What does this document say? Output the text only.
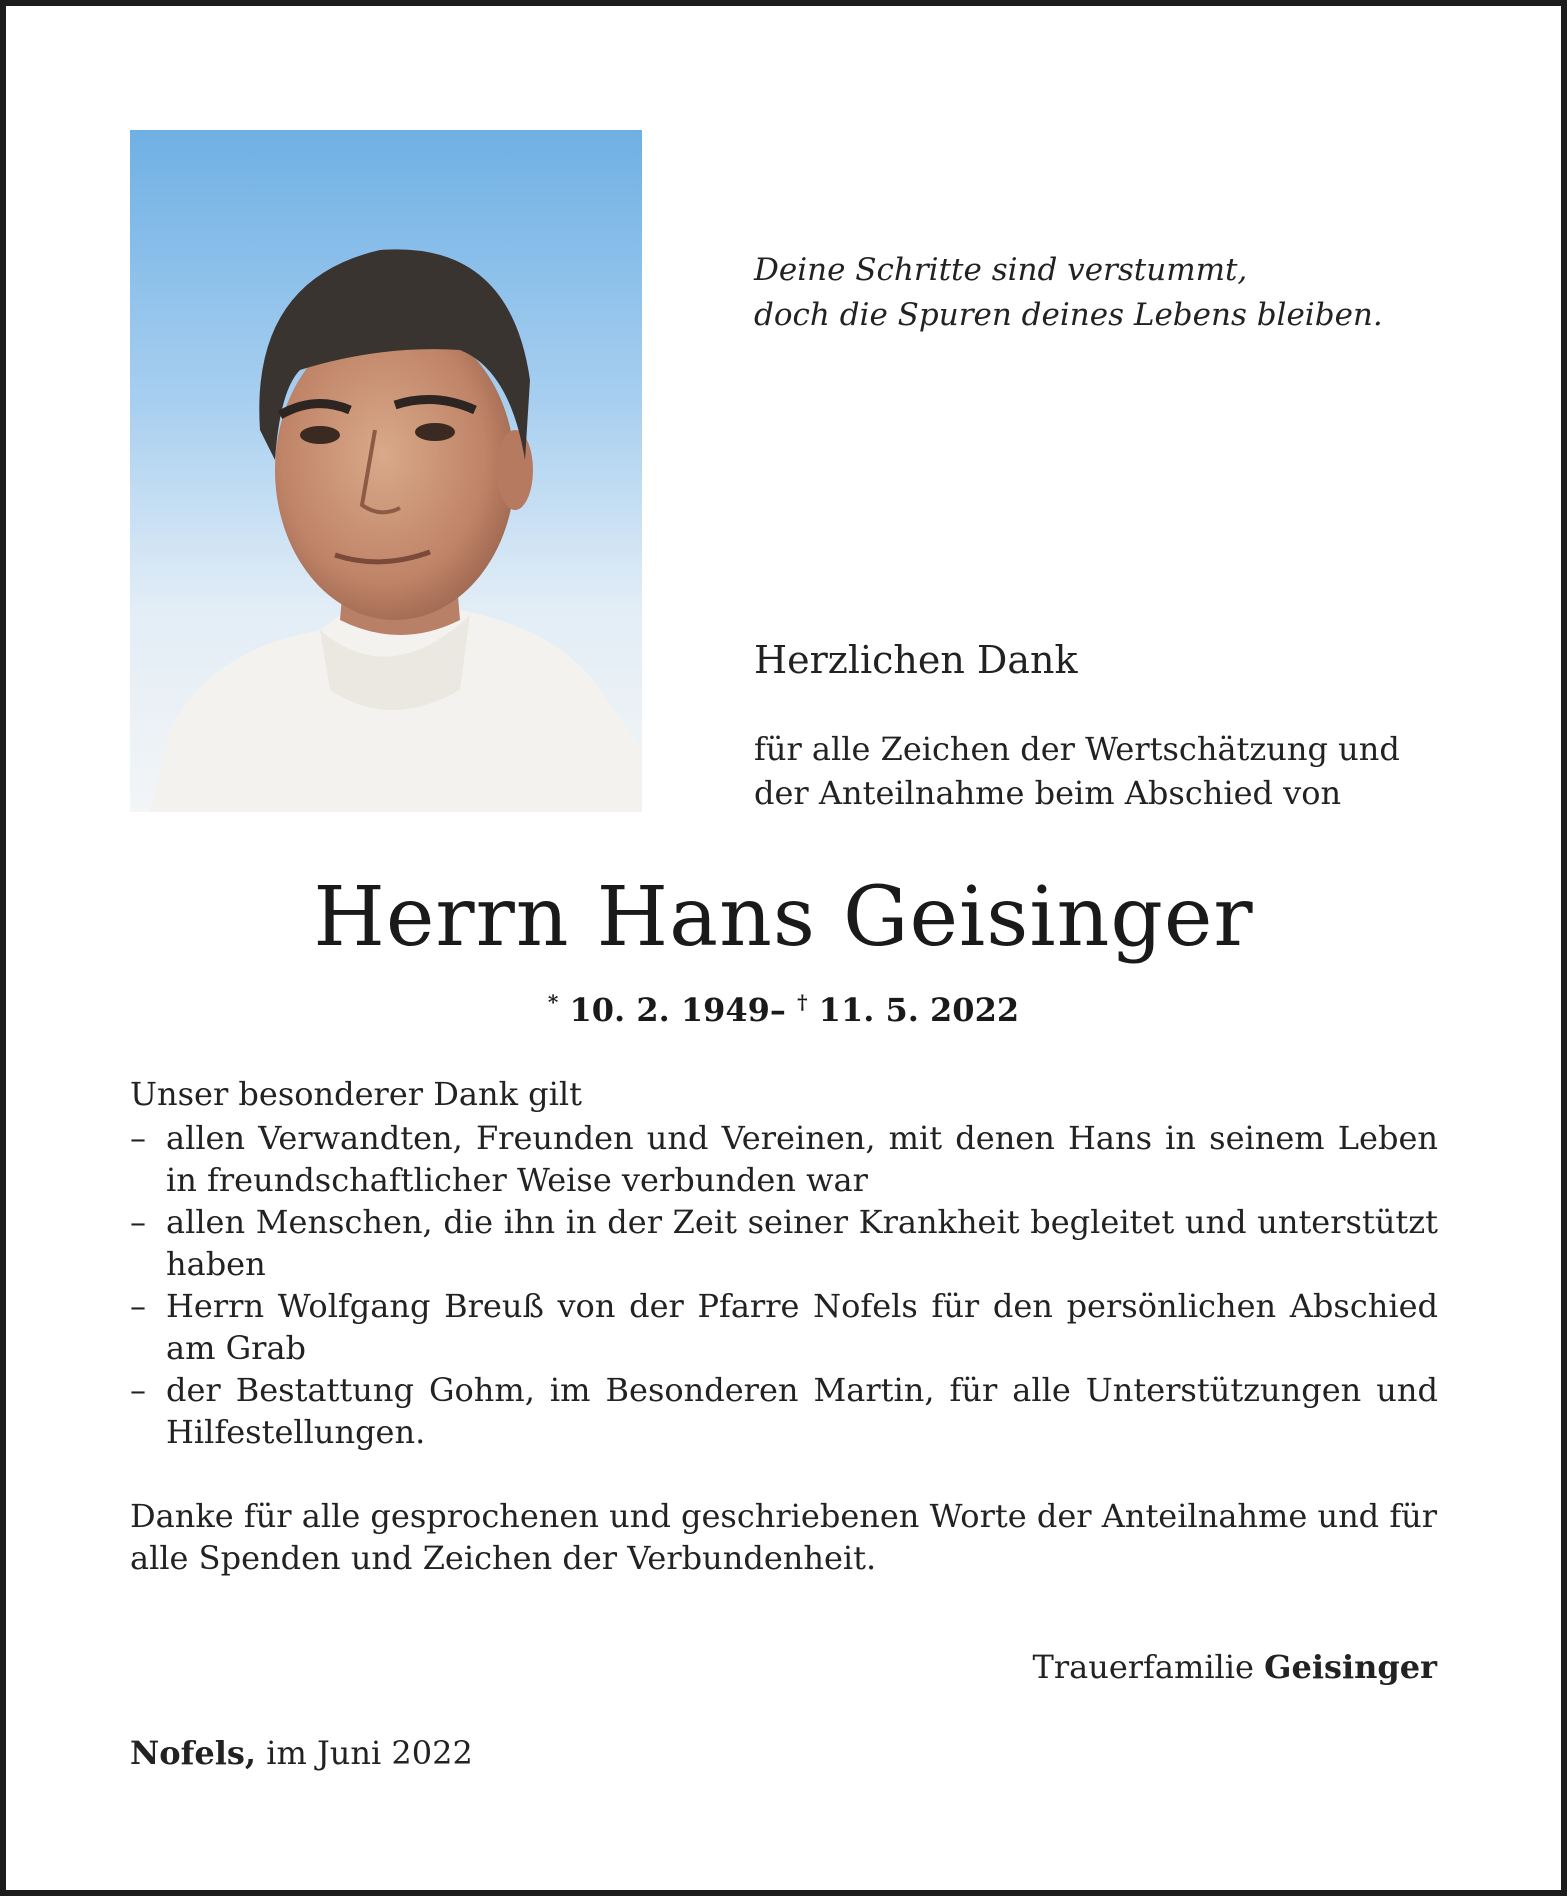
Deine Schritte sind verstummt,
doch die Spuren deines Lebens bleiben.
Herzlichen Dank
für alle Zeichen der Wertschätzung und
der Anteilnahme beim Abschied von
Herrn Hans Geisinger
* 10. 2. 1949– † 11. 5. 2022
Unser besonderer Dank gilt
– allen Verwandten, Freunden und Vereinen, mit denen Hans in seinem Leben in freundschaftlicher Weise verbunden war
– allen Menschen, die ihn in der Zeit seiner Krankheit begleitet und unterstützt haben
– Herrn Wolfgang Breuß von der Pfarre Nofels für den persönlichen Abschied am Grab
– der Bestattung Gohm, im Besonderen Martin, für alle Unterstützungen und Hilfestellungen.
Danke für alle gesprochenen und geschriebenen Worte der Anteilnahme und für alle Spenden und Zeichen der Verbundenheit.
Trauerfamilie Geisinger
Nofels, im Juni 2022
